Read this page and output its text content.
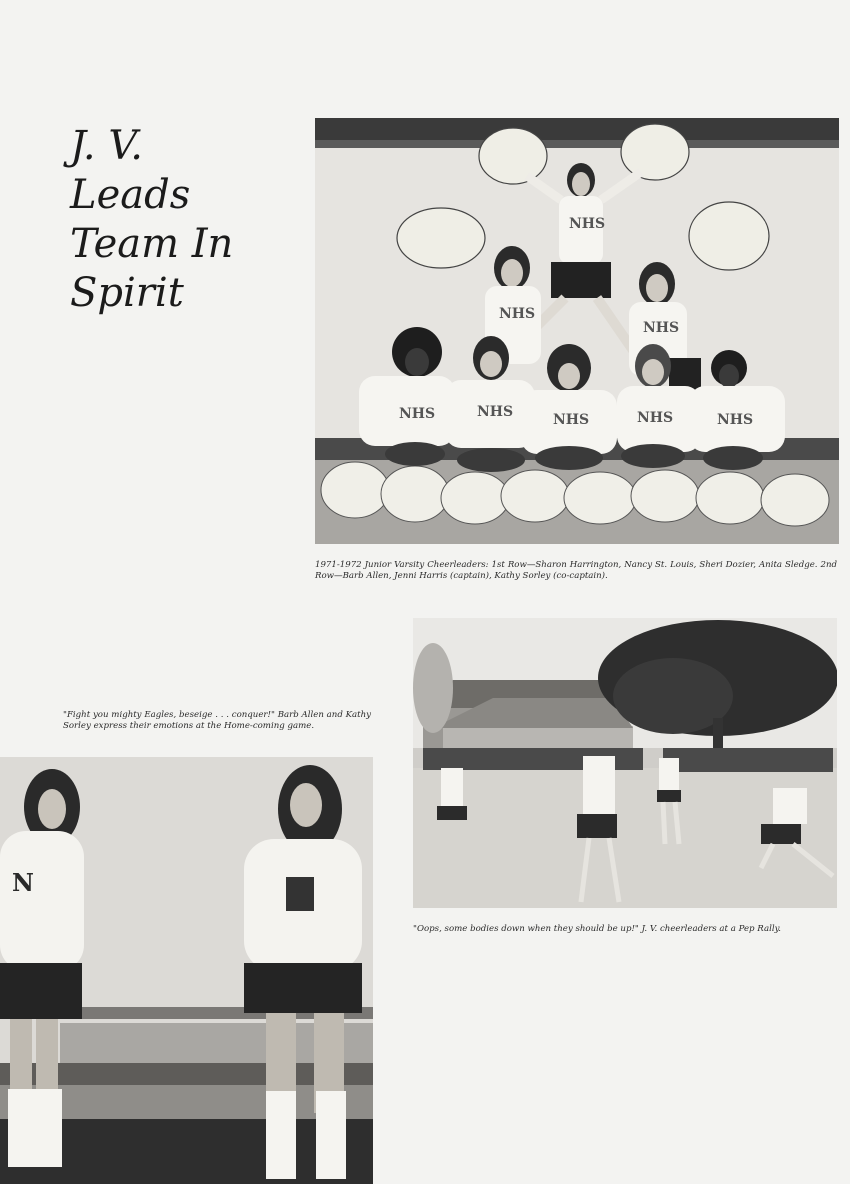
J. V.
Leads
Team In
Spirit
NHS
NHS
NHS
NHS	NHS	NHS	NHS	NHS
1971-1972 Junior Varsity Cheerleaders: 1st Row—Sharon Harrington, Nancy St. Louis, Sheri Dozier, Anita Sledge. 2nd Row—Barb Allen, Jenni Harris (captain), Kathy Sorley (co-captain).
"Oops, some bodies down when they should be up!" J. V. cheerleaders at a Pep Rally.
"Fight you mighty Eagles, beseige . . . conquer!" Barb Allen and Kathy Sorley express their emotions at the Home-coming game.
N
